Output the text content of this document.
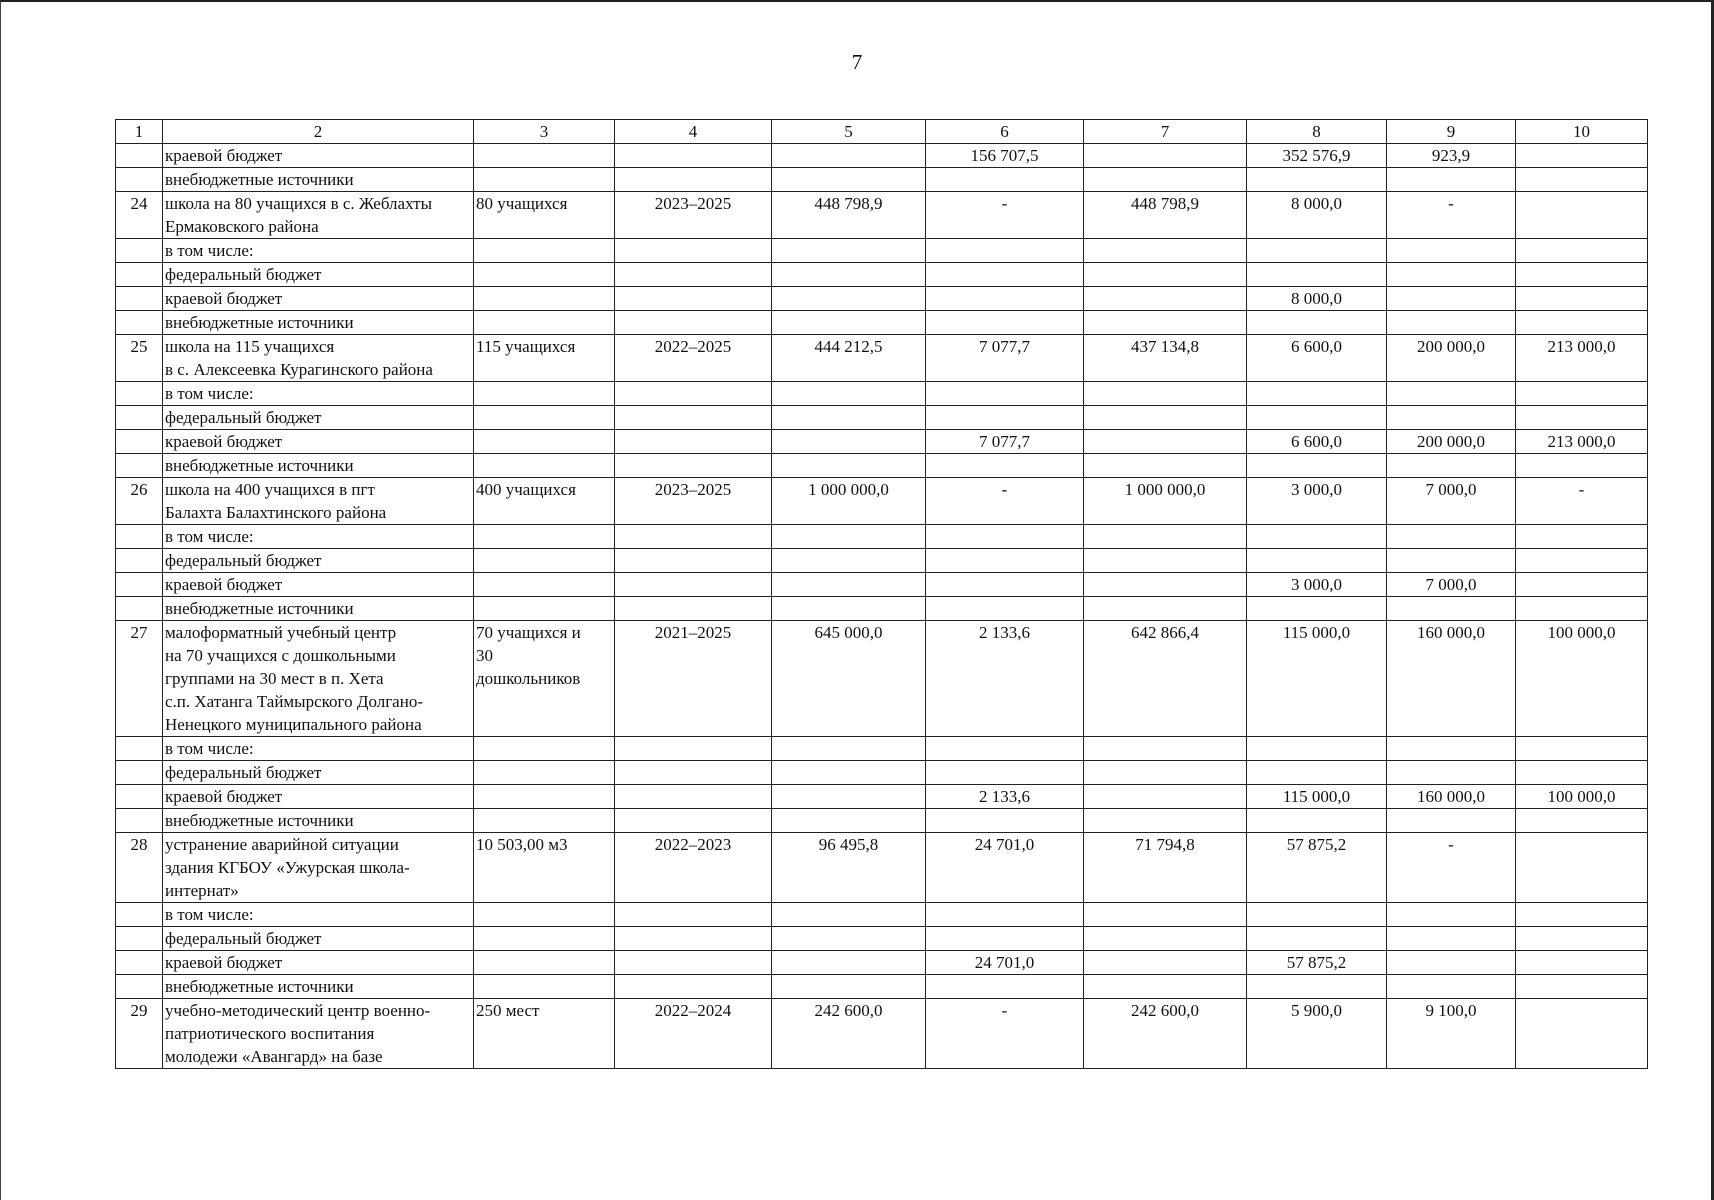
7
1	2	3	4	5	6	7	8	9	10
	краевой бюджет				156 707,5		352 576,9	923,9	
	внебюджетные источники								
24	школа на 80 учащихся в с. Жеблахты
Ермаковского района	80 учащихся	2023–2025	448 798,9	-	448 798,9	8 000,0	-	
	в том числе:								
	федеральный бюджет								
	краевой бюджет						8 000,0		
	внебюджетные источники								
25	школа на 115 учащихся
в с. Алексеевка Курагинского района	115 учащихся	2022–2025	444 212,5	7 077,7	437 134,8	6 600,0	200 000,0	213 000,0
	в том числе:								
	федеральный бюджет								
	краевой бюджет				7 077,7		6 600,0	200 000,0	213 000,0
	внебюджетные источники								
26	школа на 400 учащихся в пгт
Балахта Балахтинского района	400 учащихся	2023–2025	1 000 000,0	-	1 000 000,0	3 000,0	7 000,0	-
	в том числе:								
	федеральный бюджет								
	краевой бюджет						3 000,0	7 000,0	
	внебюджетные источники								
27	малоформатный учебный центр
на 70 учащихся с дошкольными
группами на 30 мест в п. Хета
с.п. Хатанга Таймырского Долгано-
Ненецкого муниципального района	70 учащихся и
30
дошкольников	2021–2025	645 000,0	2 133,6	642 866,4	115 000,0	160 000,0	100 000,0
	в том числе:								
	федеральный бюджет								
	краевой бюджет				2 133,6		115 000,0	160 000,0	100 000,0
	внебюджетные источники								
28	устранение аварийной ситуации
здания КГБОУ «Ужурская школа-
интернат»	10 503,00 м3	2022–2023	96 495,8	24 701,0	71 794,8	57 875,2	-	
	в том числе:								
	федеральный бюджет								
	краевой бюджет				24 701,0		57 875,2		
	внебюджетные источники								
29	учебно-методический центр военно-
патриотического воспитания
молодежи «Авангард» на базе	250 мест	2022–2024	242 600,0	-	242 600,0	5 900,0	9 100,0	
